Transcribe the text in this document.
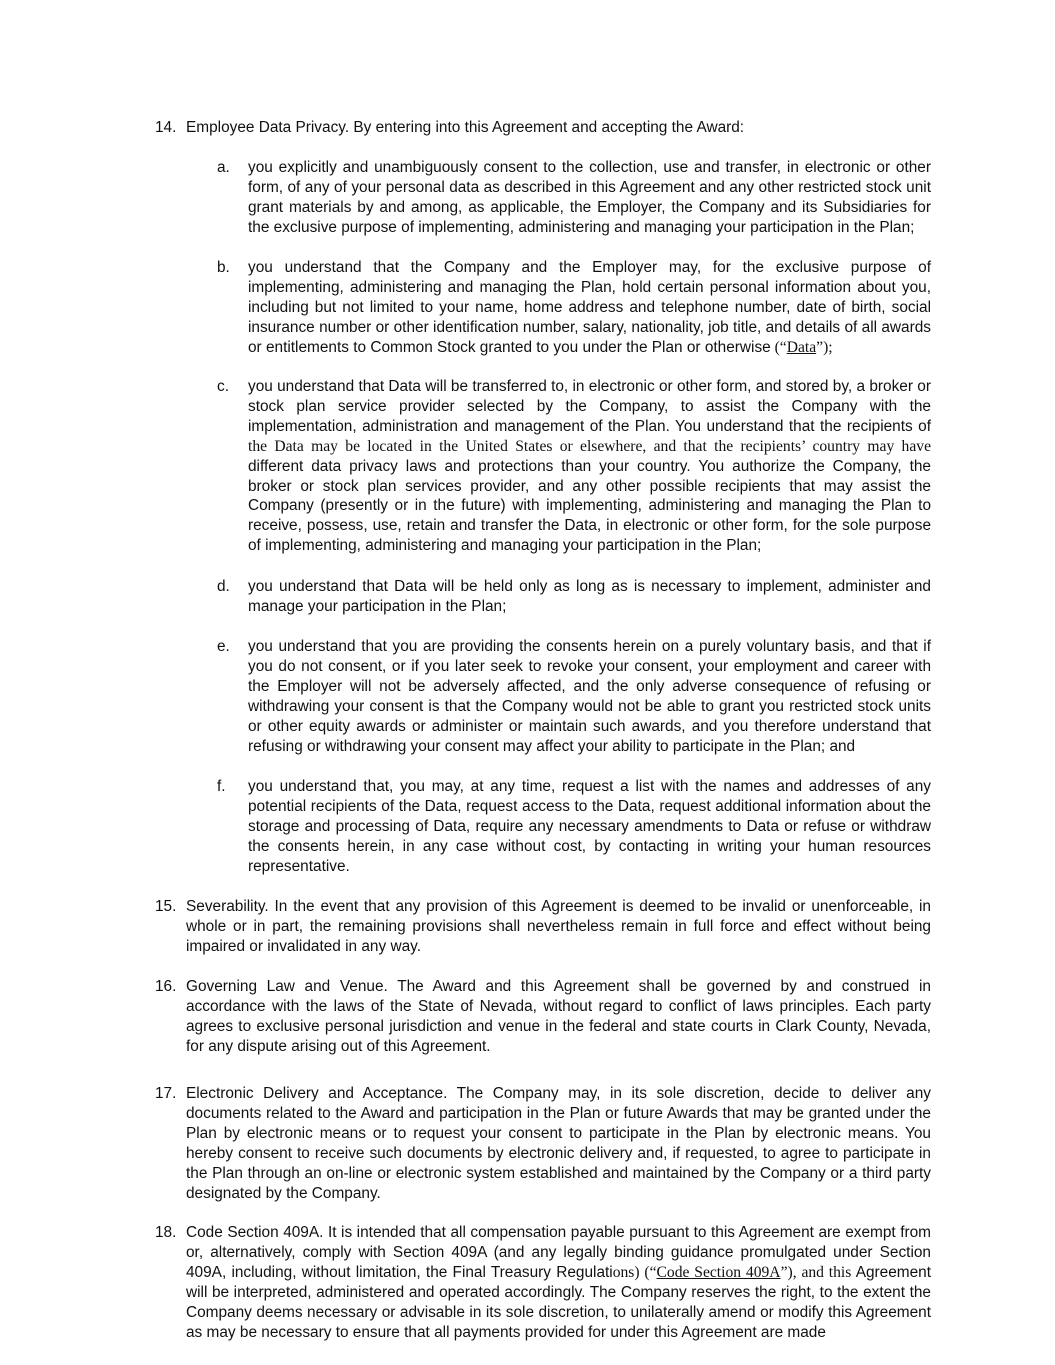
14. Employee Data Privacy. By entering into this Agreement and accepting the Award:
a. you explicitly and unambiguously consent to the collection, use and transfer, in electronic or other form, of any of your personal data as described in this Agreement and any other restricted stock unit grant materials by and among, as applicable, the Employer, the Company and its Subsidiaries for the exclusive purpose of implementing, administering and managing your participation in the Plan;
b. you understand that the Company and the Employer may, for the exclusive purpose of implementing, administering and managing the Plan, hold certain personal information about you, including but not limited to your name, home address and telephone number, date of birth, social insurance number or other identification number, salary, nationality, job title, and details of all awards or entitlements to Common Stock granted to you under the Plan or otherwise (“Data”);
c. you understand that Data will be transferred to, in electronic or other form, and stored by, a broker or stock plan service provider selected by the Company, to assist the Company with the implementation, administration and management of the Plan. You understand that the recipients of the Data may be located in the United States or elsewhere, and that the recipients’ country may have different data privacy laws and protections than your country. You authorize the Company, the broker or stock plan services provider, and any other possible recipients that may assist the Company (presently or in the future) with implementing, administering and managing the Plan to receive, possess, use, retain and transfer the Data, in electronic or other form, for the sole purpose of implementing, administering and managing your participation in the Plan;
d. you understand that Data will be held only as long as is necessary to implement, administer and manage your participation in the Plan;
e. you understand that you are providing the consents herein on a purely voluntary basis, and that if you do not consent, or if you later seek to revoke your consent, your employment and career with the Employer will not be adversely affected, and the only adverse consequence of refusing or withdrawing your consent is that the Company would not be able to grant you restricted stock units or other equity awards or administer or maintain such awards, and you therefore understand that refusing or withdrawing your consent may affect your ability to participate in the Plan; and
f. you understand that, you may, at any time, request a list with the names and addresses of any potential recipients of the Data, request access to the Data, request additional information about the storage and processing of Data, require any necessary amendments to Data or refuse or withdraw the consents herein, in any case without cost, by contacting in writing your human resources representative.
15. Severability. In the event that any provision of this Agreement is deemed to be invalid or unenforceable, in whole or in part, the remaining provisions shall nevertheless remain in full force and effect without being impaired or invalidated in any way.
16. Governing Law and Venue. The Award and this Agreement shall be governed by and construed in accordance with the laws of the State of Nevada, without regard to conflict of laws principles. Each party agrees to exclusive personal jurisdiction and venue in the federal and state courts in Clark County, Nevada, for any dispute arising out of this Agreement.
17. Electronic Delivery and Acceptance. The Company may, in its sole discretion, decide to deliver any documents related to the Award and participation in the Plan or future Awards that may be granted under the Plan by electronic means or to request your consent to participate in the Plan by electronic means. You hereby consent to receive such documents by electronic delivery and, if requested, to agree to participate in the Plan through an on-line or electronic system established and maintained by the Company or a third party designated by the Company.
18. Code Section 409A. It is intended that all compensation payable pursuant to this Agreement are exempt from or, alternatively, comply with Section 409A (and any legally binding guidance promulgated under Section 409A, including, without limitation, the Final Treasury Regulations) (“Code Section 409A”), and this Agreement will be interpreted, administered and operated accordingly. The Company reserves the right, to the extent the Company deems necessary or advisable in its sole discretion, to unilaterally amend or modify this Agreement as may be necessary to ensure that all payments provided for under this Agreement are made
